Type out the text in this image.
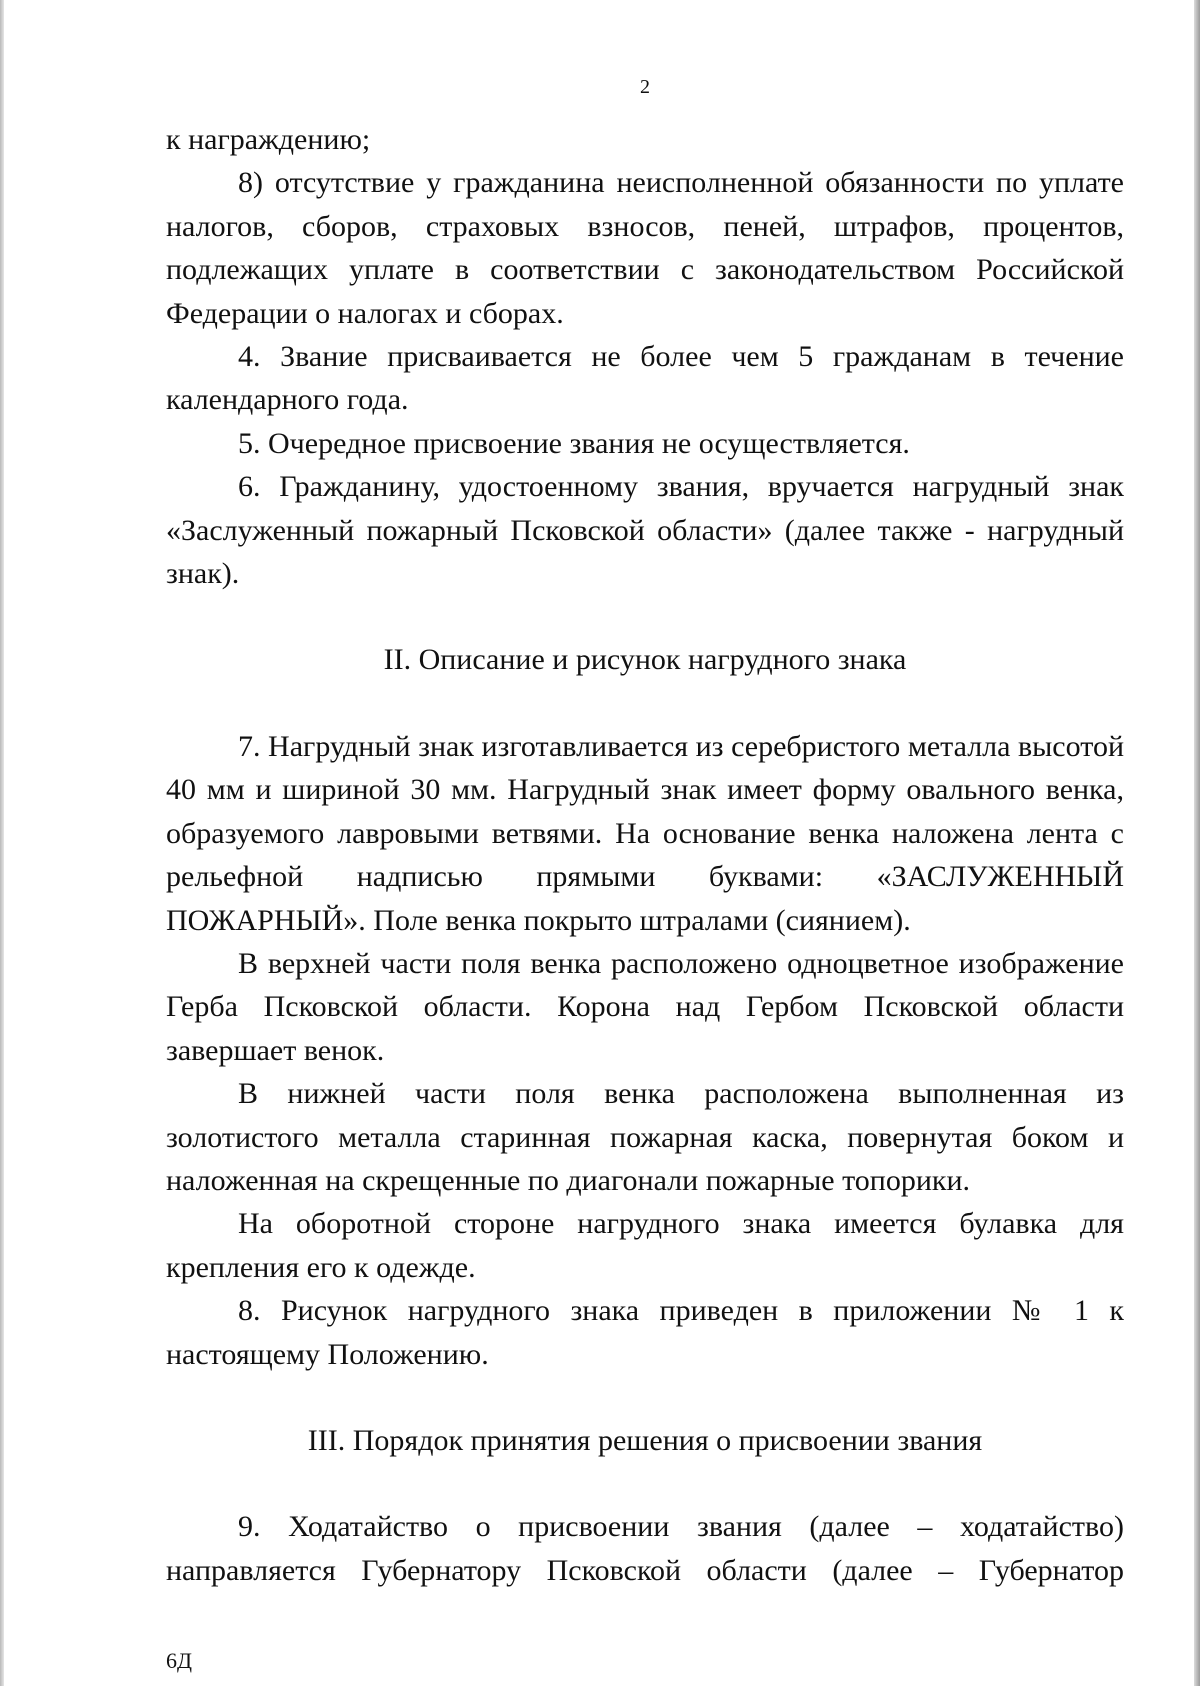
2

к награждению;

8) отсутствие у гражданина неисполненной обязанности по уплате налогов, сборов, страховых взносов, пеней, штрафов, процентов, подлежащих уплате в соответствии с законодательством Российской Федерации о налогах и сборах.

4. Звание присваивается не более чем 5 гражданам в течение календарного года.

5. Очередное присвоение звания не осуществляется.

6. Гражданину, удостоенному звания, вручается нагрудный знак «Заслуженный пожарный Псковской области» (далее также - нагрудный знак).

II. Описание и рисунок нагрудного знака

7. Нагрудный знак изготавливается из серебристого металла высотой 40 мм и шириной 30 мм. Нагрудный знак имеет форму овального венка, образуемого лавровыми ветвями. На основание венка наложена лента с рельефной надписью прямыми буквами: «ЗАСЛУЖЕННЫЙ ПОЖАРНЫЙ». Поле венка покрыто штралами (сиянием).

В верхней части поля венка расположено одноцветное изображение Герба Псковской области. Корона над Гербом Псковской области завершает венок.

В нижней части поля венка расположена выполненная из золотистого металла старинная пожарная каска, повернутая боком и наложенная на скрещенные по диагонали пожарные топорики.

На оборотной стороне нагрудного знака имеется булавка для крепления его к одежде.

8. Рисунок нагрудного знака приведен в приложении № 1 к настоящему Положению.

III. Порядок принятия решения о присвоении звания

9. Ходатайство о присвоении звания (далее – ходатайство) направляется Губернатору Псковской области (далее – Губернатор

6Д
